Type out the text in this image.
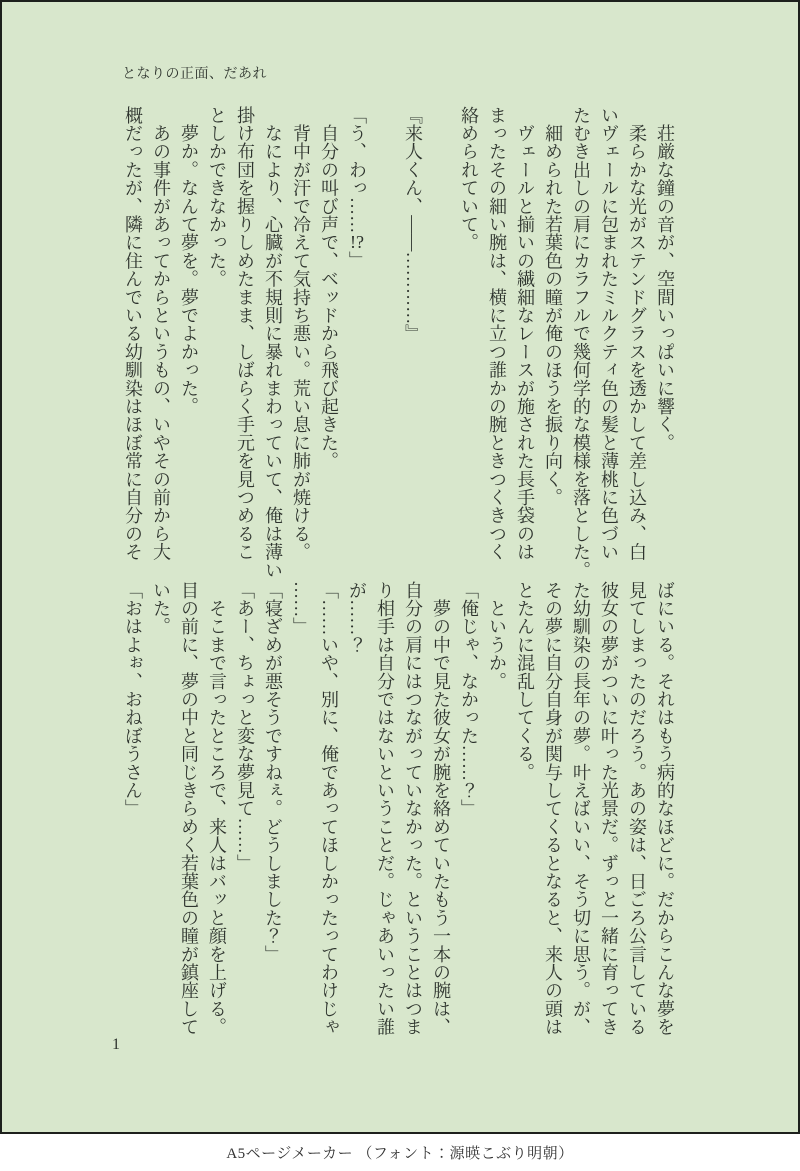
となりの正面、だあれ
　荘厳な鐘の音が、空間いっぱいに響く。
　柔らかな光がステンドグラスを透かして差し込み、白
いヴェールに包まれたミルクティ色の髪と薄桃に色づい
たむき出しの肩にカラフルで幾何学的な模様を落とした。
　細められた若葉色の瞳が俺のほうを振り向く。
　ヴェールと揃いの繊細なレースが施された長手袋のは
まったその細い腕は、横に立つ誰かの腕ときつくきつく
絡められていて。

『来人くん、――…………』

「う、わっ……!?」
　自分の叫び声で、ベッドから飛び起きた。
　背中が汗で冷えて気持ち悪い。荒い息に肺が焼ける。
　なにより、心臓が不規則に暴れまわっていて、俺は薄い
掛け布団を握りしめたまま、しばらく手元を見つめるこ
としかできなかった。
　夢か。なんて夢を。夢でよかった。
　あの事件があってからというもの、いやその前から大
概だったが、隣に住んでいる幼馴染はほぼ常に自分のそ
ばにいる。それはもう病的なほどに。だからこんな夢を
見てしまったのだろう。あの姿は、日ごろ公言している
彼女の夢がついに叶った光景だ。ずっと一緒に育ってき
た幼馴染の長年の夢。叶えばいい、そう切に思う。が、
その夢に自分自身が関与してくるとなると、来人の頭は
とたんに混乱してくる。
　というか。
「俺じゃ、なかった……？」
　夢の中で見た彼女が腕を絡めていたもう一本の腕は、
自分の肩にはつながっていなかった。ということはつま
り相手は自分ではないということだ。じゃあいったい誰
が……？
「……いや、別に、俺であってほしかったってわけじゃ
……」
「寝ざめが悪そうですねぇ。どうしました？」
「あー、ちょっと変な夢見て……」
　そこまで言ったところで、来人はバッと顔を上げる。
目の前に、夢の中と同じきらめく若葉色の瞳が鎮座して
いた。
「おはよぉ、おねぼうさん」
1
A5ページメーカー （フォント：源暎こぶり明朝）
